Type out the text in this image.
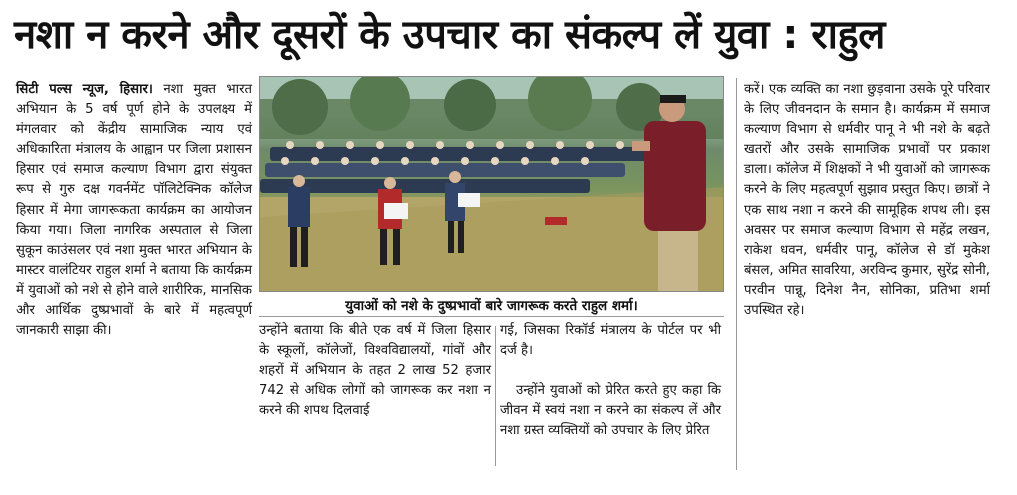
नशा न करने और दूसरों के उपचार का संकल्प लें युवा : राहुल

सिटी पल्स न्यूज, हिसार। नशा मुक्त भारत अभियान के 5 वर्ष पूर्ण होने के उपलक्ष्य में मंगलवार को केंद्रीय सामाजिक न्याय एवं अधिकारिता मंत्रालय के आह्वान पर जिला प्रशासन हिसार एवं समाज कल्याण विभाग द्वारा संयुक्त रूप से गुरु दक्ष गवर्नमेंट पॉलिटेक्निक कॉलेज हिसार में मेगा जागरूकता कार्यक्रम का आयोजन किया गया। जिला नागरिक अस्पताल से जिला सुकून काउंसलर एवं नशा मुक्त भारत अभियान के मास्टर वालंटियर राहुल शर्मा ने बताया कि कार्यक्रम में युवाओं को नशे से होने वाले शारीरिक, मानसिक और आर्थिक दुष्प्रभावों के बारे में महत्वपूर्ण जानकारी साझा की।

युवाओं को नशे के दुष्प्रभावों बारे जागरूक करते राहुल शर्मा।

उन्होंने बताया कि बीते एक वर्ष में जिला हिसार के स्कूलों, कॉलेजों, विश्वविद्यालयों, गांवों और शहरों में अभियान के तहत 2 लाख 52 हजार 742 से अधिक लोगों को जागरूक कर नशा न करने की शपथ दिलवाई

गई, जिसका रिकॉर्ड मंत्रालय के पोर्टल पर भी दर्ज है।

उन्होंने युवाओं को प्रेरित करते हुए कहा कि जीवन में स्वयं नशा न करने का संकल्प लें और नशा ग्रस्त व्यक्तियों को उपचार के लिए प्रेरित

करें। एक व्यक्ति का नशा छुड़वाना उसके पूरे परिवार के लिए जीवनदान के समान है। कार्यक्रम में समाज कल्याण विभाग से धर्मवीर पानू ने भी नशे के बढ़ते खतरों और उसके सामाजिक प्रभावों पर प्रकाश डाला। कॉलेज में शिक्षकों ने भी युवाओं को जागरूक करने के लिए महत्वपूर्ण सुझाव प्रस्तुत किए। छात्रों ने एक साथ नशा न करने की सामूहिक शपथ ली। इस अवसर पर समाज कल्याण विभाग से महेंद्र लखन, राकेश धवन, धर्मवीर पानू, कॉलेज से डॉ मुकेश बंसल, अमित सावरिया, अरविन्द कुमार, सुरेंद्र सोनी, परवीन पान्नू, दिनेश नैन, सोनिका, प्रतिभा शर्मा उपस्थित रहे।
